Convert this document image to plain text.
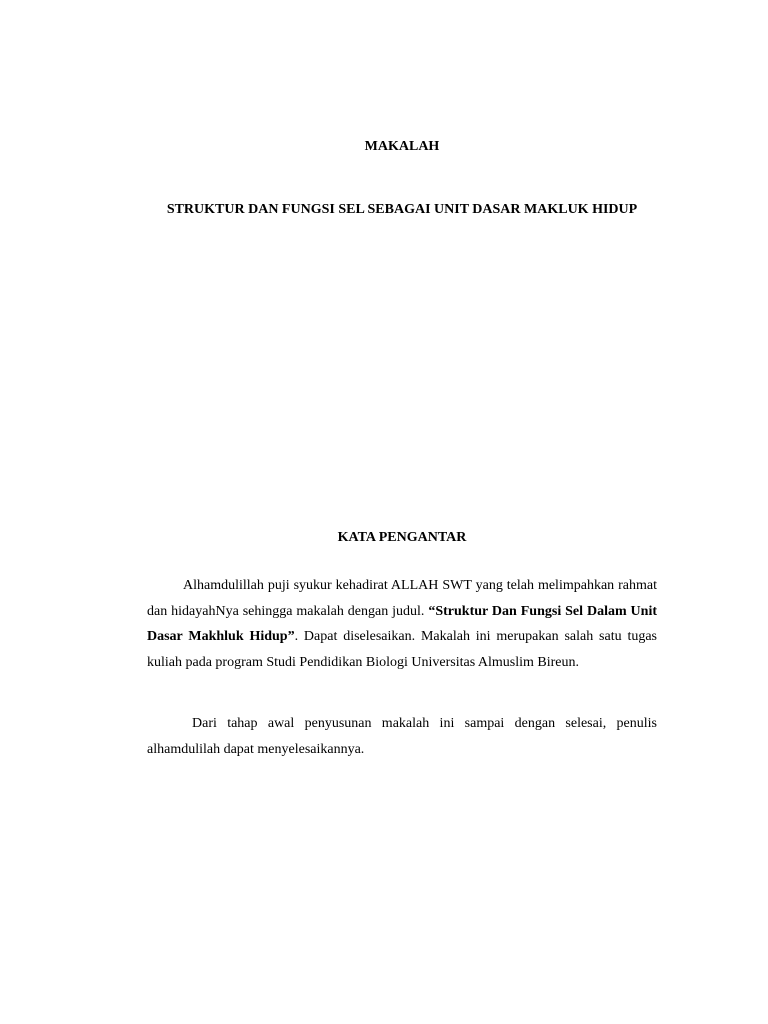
MAKALAH
STRUKTUR DAN FUNGSI SEL SEBAGAI UNIT DASAR MAKLUK HIDUP
KATA PENGANTAR

Alhamdulillah puji syukur kehadirat ALLAH SWT yang telah melimpahkan rahmat dan hidayahNya sehingga makalah dengan judul. “Struktur Dan Fungsi Sel Dalam Unit Dasar Makhluk Hidup”. Dapat diselesaikan. Makalah ini merupakan salah satu tugas kuliah pada program Studi Pendidikan Biologi Universitas Almuslim Bireun.

Dari tahap awal penyusunan makalah ini sampai dengan selesai, penulis alhamdulilah dapat menyelesaikannya.
